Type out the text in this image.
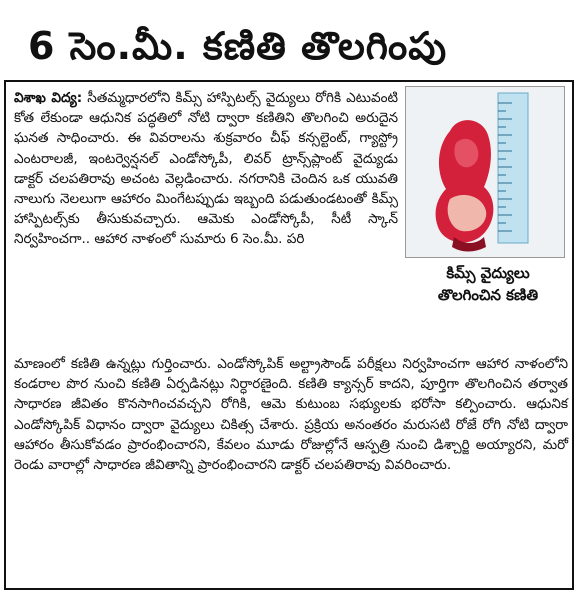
6 సెం.మీ. కణితి తొలగింపు
విశాఖ విద్య: సీతమ్మధారలోని కిమ్స్ హాస్పిటల్స్ వైద్యులు రోగికి ఎటువంటి కోత లేకుండా ఆధునిక పద్ధతిలో నోటి ద్వారా కణితిని తొలగించి అరుదైన ఘనత సాధించారు. ఈ వివరాలను శుక్రవారం చీఫ్ కన్సల్టెంట్, గ్యాస్ట్రో ఎంటరాలజీ, ఇంటర్వెన్షనల్ ఎండోస్కోపీ, లివర్ ట్రాన్స్‌ప్లాంట్ వైద్యుడు డాక్టర్ చలపతిరావు అచంట వెల్లడించారు. నగరానికి చెందిన ఒక యువతి నాలుగు నెలలుగా ఆహారం మింగేటప్పుడు ఇబ్బంది పడుతుండటంతో కిమ్స్ హాస్పిటల్స్‌కు తీసుకువచ్చారు. ఆమెకు ఎండోస్కోపీ, సీటీ స్కాన్ నిర్వహించగా.. ఆహార నాళంలో సుమారు 6 సెం.మీ. పరి
మాణంలో కణితి ఉన్నట్లు గుర్తించారు. ఎండోస్కోపిక్ అల్ట్రాసౌండ్ పరీక్షలు నిర్వహించగా ఆహార నాళంలోని కండరాల పొర నుంచి కణితి ఏర్పడినట్లు నిర్ధారణైంది. కణితి క్యాన్సర్ కాదని, పూర్తిగా తొలగించిన తర్వాత సాధారణ జీవితం కొనసాగించవచ్చని రోగికి, ఆమె కుటుంబ సభ్యులకు భరోసా కల్పించారు. ఆధునిక ఎండోస్కోపిక్ విధానం ద్వారా వైద్యులు చికిత్స చేశారు. ప్రక్రియ అనంతరం మరుసటి రోజే రోగి నోటి ద్వారా ఆహారం తీసుకోవడం ప్రారంభించారని, కేవలం మూడు రోజుల్లోనే ఆస్పత్రి నుంచి డిశ్చార్జి అయ్యారని, మరో రెండు వారాల్లో సాధారణ జీవితాన్ని ప్రారంభించారని డాక్టర్ చలపతిరావు వివరించారు.
కిమ్స్ వైద్యులు
తొలగించిన కణితి
